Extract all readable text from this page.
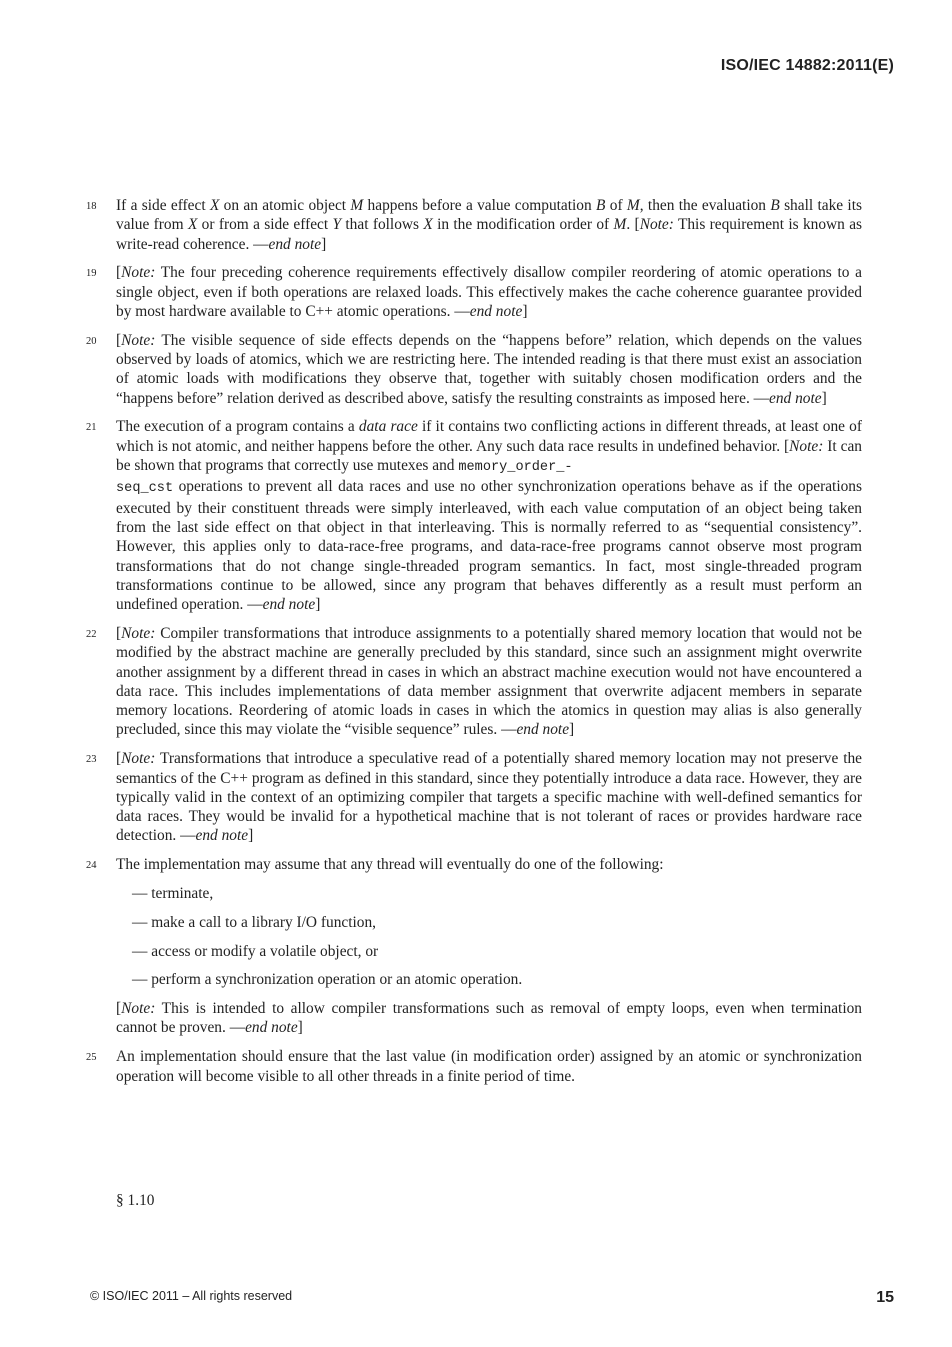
ISO/IEC 14882:2011(E)
18 If a side effect X on an atomic object M happens before a value computation B of M, then the evaluation B shall take its value from X or from a side effect Y that follows X in the modification order of M. [Note: This requirement is known as write-read coherence. —end note]
19 [Note: The four preceding coherence requirements effectively disallow compiler reordering of atomic operations to a single object, even if both operations are relaxed loads. This effectively makes the cache coherence guarantee provided by most hardware available to C++ atomic operations. —end note]
20 [Note: The visible sequence of side effects depends on the “happens before” relation, which depends on the values observed by loads of atomics, which we are restricting here. The intended reading is that there must exist an association of atomic loads with modifications they observe that, together with suitably chosen modification orders and the “happens before” relation derived as described above, satisfy the resulting constraints as imposed here. —end note]
21 The execution of a program contains a data race if it contains two conflicting actions in different threads, at least one of which is not atomic, and neither happens before the other. Any such data race results in undefined behavior. [Note: It can be shown that programs that correctly use mutexes and memory_order_-
seq_cst operations to prevent all data races and use no other synchronization operations behave as if the operations executed by their constituent threads were simply interleaved, with each value computation of an object being taken from the last side effect on that object in that interleaving. This is normally referred to as “sequential consistency”. However, this applies only to data-race-free programs, and data-race-free programs cannot observe most program transformations that do not change single-threaded program semantics. In fact, most single-threaded program transformations continue to be allowed, since any program that behaves differently as a result must perform an undefined operation. —end note]
22 [Note: Compiler transformations that introduce assignments to a potentially shared memory location that would not be modified by the abstract machine are generally precluded by this standard, since such an assignment might overwrite another assignment by a different thread in cases in which an abstract machine execution would not have encountered a data race. This includes implementations of data member assignment that overwrite adjacent members in separate memory locations. Reordering of atomic loads in cases in which the atomics in question may alias is also generally precluded, since this may violate the “visible sequence” rules. —end note]
23 [Note: Transformations that introduce a speculative read of a potentially shared memory location may not preserve the semantics of the C++ program as defined in this standard, since they potentially introduce a data race. However, they are typically valid in the context of an optimizing compiler that targets a specific machine with well-defined semantics for data races. They would be invalid for a hypothetical machine that is not tolerant of races or provides hardware race detection. —end note]
24 The implementation may assume that any thread will eventually do one of the following:
— terminate,
— make a call to a library I/O function,
— access or modify a volatile object, or
— perform a synchronization operation or an atomic operation.
[Note: This is intended to allow compiler transformations such as removal of empty loops, even when termination cannot be proven. —end note]
25 An implementation should ensure that the last value (in modification order) assigned by an atomic or synchronization operation will become visible to all other threads in a finite period of time.
§ 1.10
© ISO/IEC 2011 – All rights reserved	15
